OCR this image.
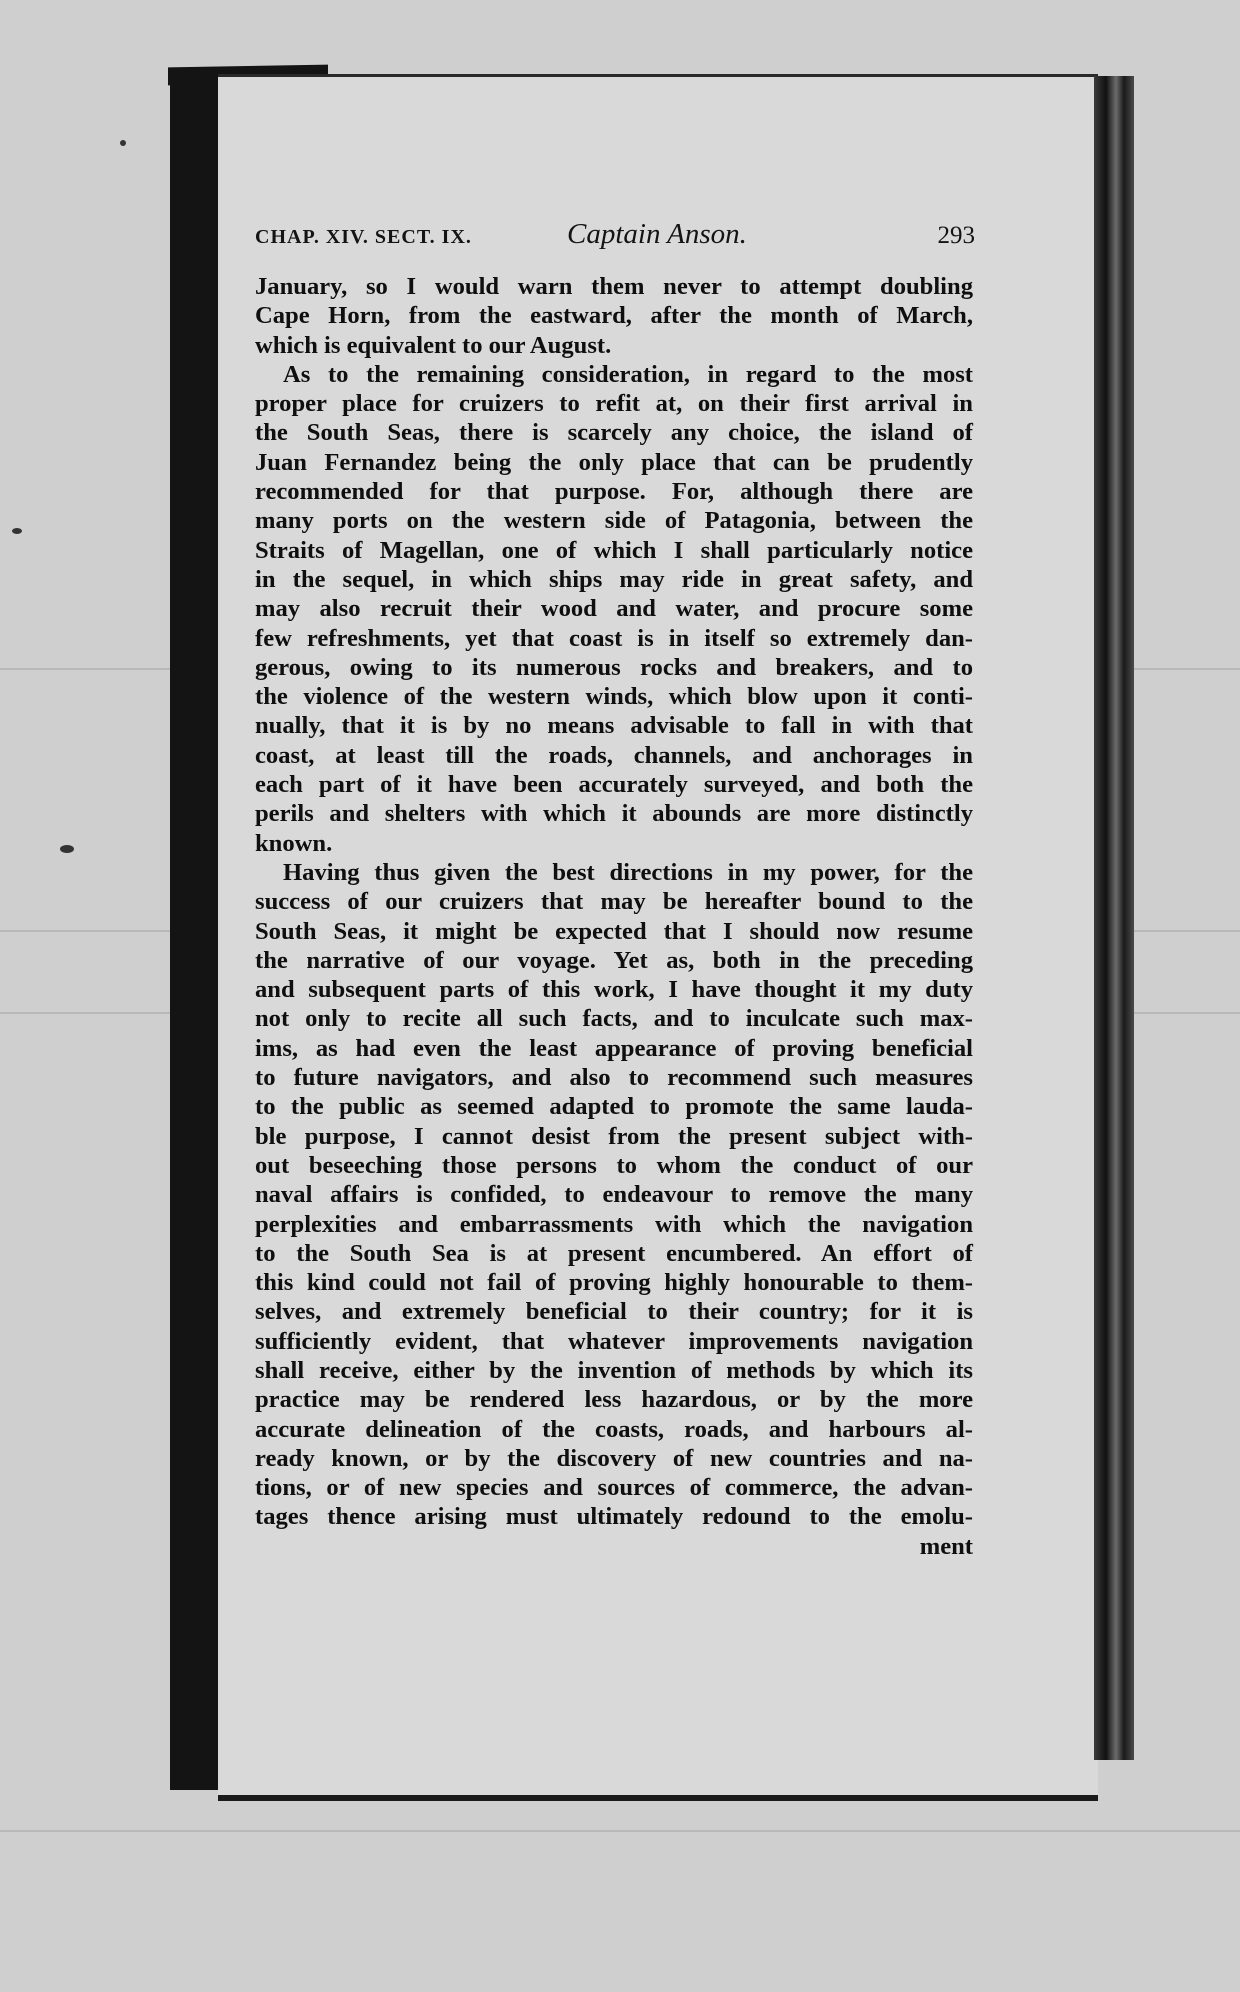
CHAP. XIV. SECT. IX.	Captain Anson.	293
January, so I would warn them never to attempt doubling
Cape Horn, from the eastward, after the month of March,
which is equivalent to our August.
As to the remaining consideration, in regard to the most
proper place for cruizers to refit at, on their first arrival in
the South Seas, there is scarcely any choice, the island of
Juan Fernandez being the only place that can be prudently
recommended for that purpose. For, although there are
many ports on the western side of Patagonia, between the
Straits of Magellan, one of which I shall particularly notice
in the sequel, in which ships may ride in great safety, and
may also recruit their wood and water, and procure some
few refreshments, yet that coast is in itself so extremely dan-
gerous, owing to its numerous rocks and breakers, and to
the violence of the western winds, which blow upon it conti-
nually, that it is by no means advisable to fall in with that
coast, at least till the roads, channels, and anchorages in
each part of it have been accurately surveyed, and both the
perils and shelters with which it abounds are more distinctly
known.
Having thus given the best directions in my power, for the
success of our cruizers that may be hereafter bound to the
South Seas, it might be expected that I should now resume
the narrative of our voyage. Yet as, both in the preceding
and subsequent parts of this work, I have thought it my duty
not only to recite all such facts, and to inculcate such max-
ims, as had even the least appearance of proving beneficial
to future navigators, and also to recommend such measures
to the public as seemed adapted to promote the same lauda-
ble purpose, I cannot desist from the present subject with-
out beseeching those persons to whom the conduct of our
naval affairs is confided, to endeavour to remove the many
perplexities and embarrassments with which the navigation
to the South Sea is at present encumbered. An effort of
this kind could not fail of proving highly honourable to them-
selves, and extremely beneficial to their country; for it is
sufficiently evident, that whatever improvements navigation
shall receive, either by the invention of methods by which its
practice may be rendered less hazardous, or by the more
accurate delineation of the coasts, roads, and harbours al-
ready known, or by the discovery of new countries and na-
tions, or of new species and sources of commerce, the advan-
tages thence arising must ultimately redound to the emolu-
ment
